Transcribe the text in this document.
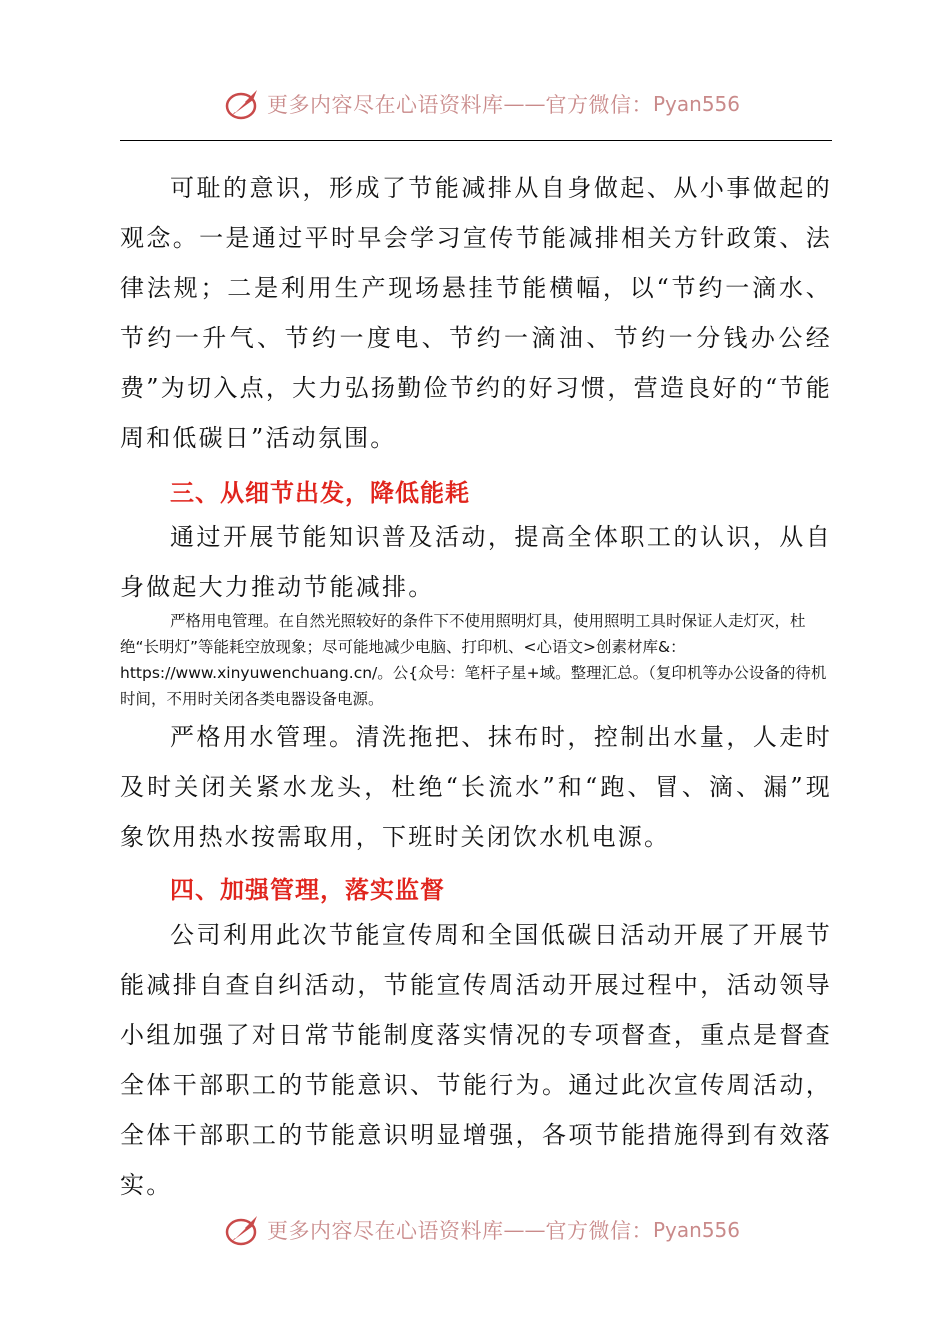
更多内容尽在心语资料库 —— 官方微信： Pyan556

可耻的意识，形成了节能减排从自身做起、从小事做起的观念。一是通过平时早会学习宣传节能减排相关方针政策、法律法规；二是利用生产现场悬挂节能横幅，以“节约一滴水、节约一升气、节约一度电、节约一滴油、节约一分钱办公经费”为切入点，大力弘扬勤俭节约的好习惯，营造良好的“节能周和低碳日”活动氛围。

三、从细节出发，降低能耗

通过开展节能知识普及活动，提高全体职工的认识，从自身做起大力推动节能减排。

严格用电管理。在自然光照较好的条件下不使用照明灯具，使用照明工具时保证人走灯灭，杜绝“长明灯”等能耗空放现象；尽可能地减少电脑、打印机、<心语文>创素材库&：https://www.xinyuwenchuang.cn/。公{众号：笔杆子星+域。整理汇总。（复印机等办公设备的待机时间，不用时关闭各类电器设备电源。

严格用水管理。清洗拖把、抹布时，控制出水量，人走时及时关闭关紧水龙头，杜绝“长流水”和“跑、冒、滴、漏”现象饮用热水按需取用，下班时关闭饮水机电源。

四、加强管理，落实监督

公司利用此次节能宣传周和全国低碳日活动开展了开展节能减排自查自纠活动，节能宣传周活动开展过程中，活动领导小组加强了对日常节能制度落实情况的专项督查，重点是督查全体干部职工的节能意识、节能行为。通过此次宣传周活动，全体干部职工的节能意识明显增强，各项节能措施得到有效落实。

更多内容尽在心语资料库 —— 官方微信： Pyan556
